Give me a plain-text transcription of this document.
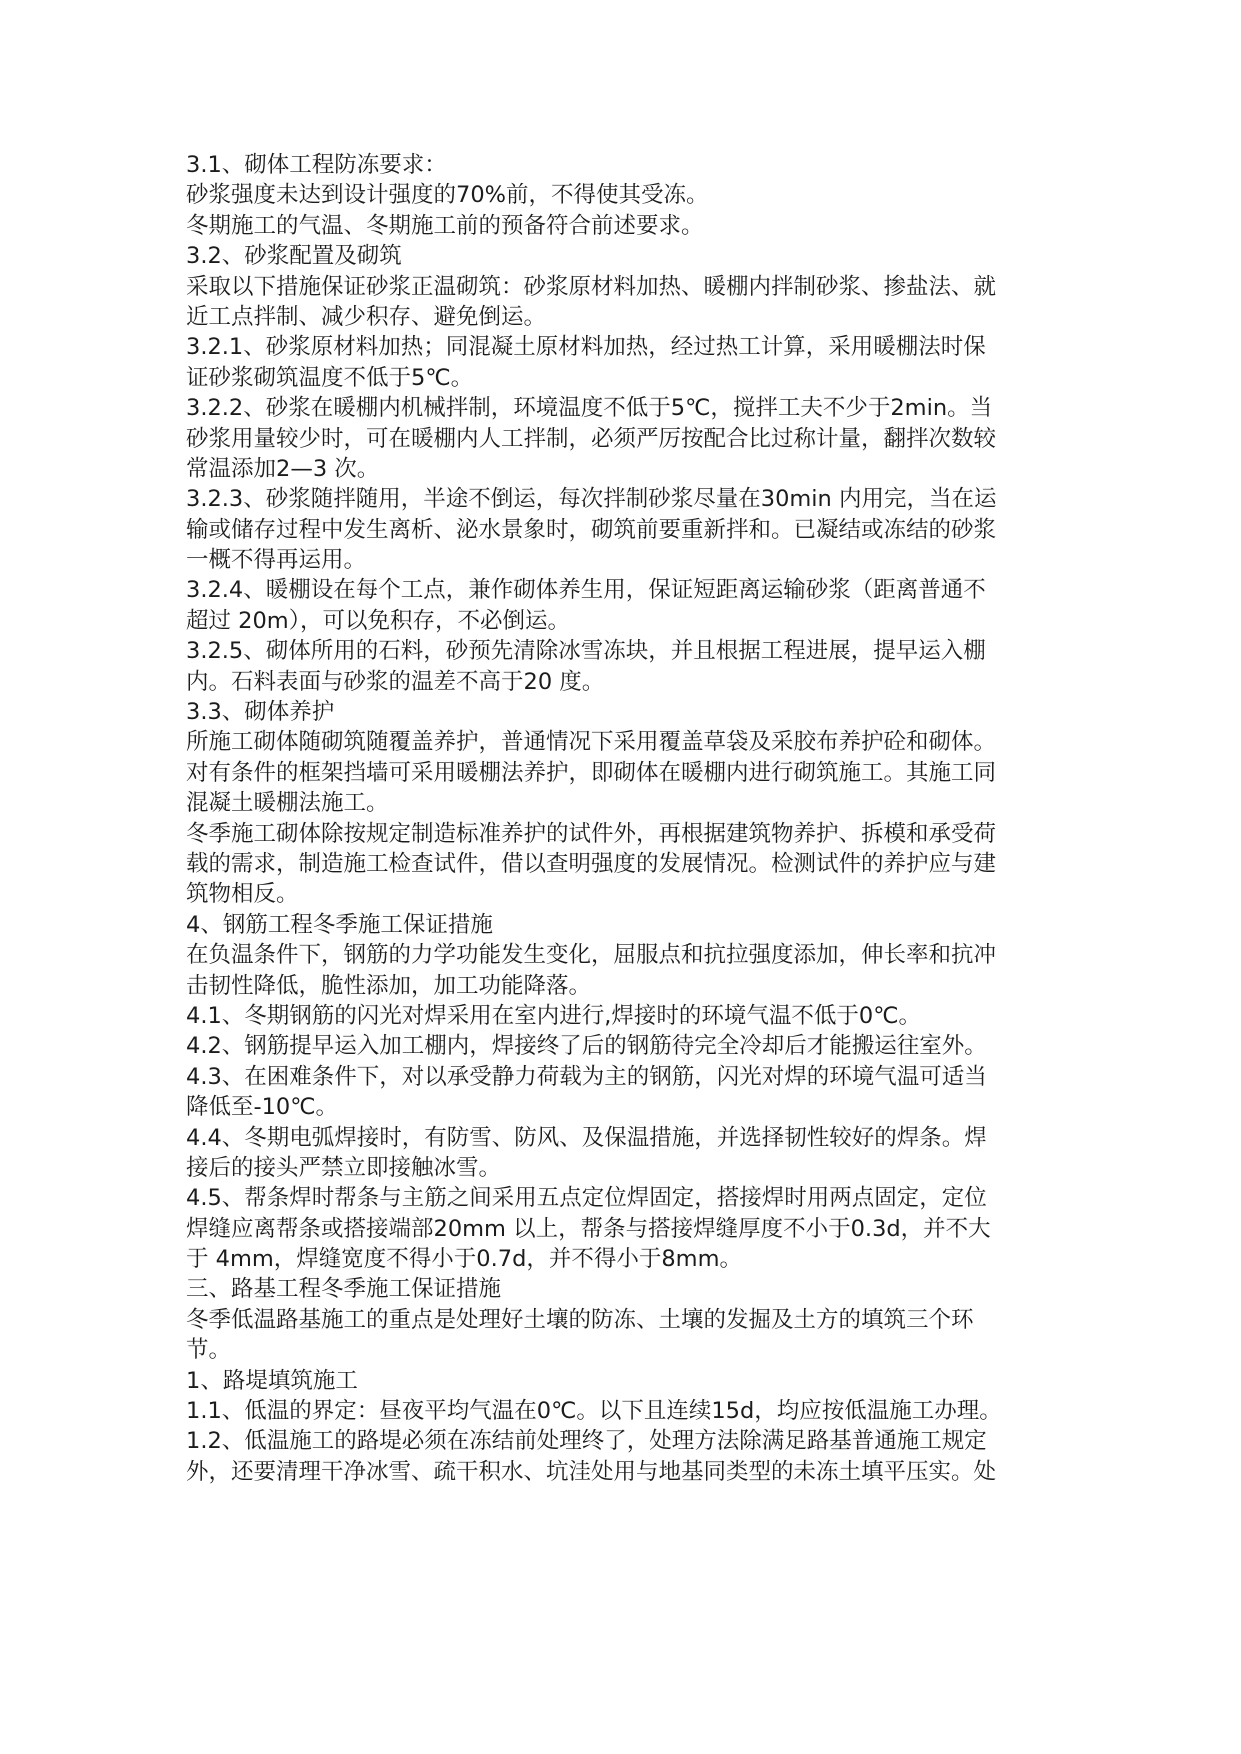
3.1、砌体工程防冻要求：
砂浆强度未达到设计强度的70%前，不得使其受冻。
冬期施工的气温、冬期施工前的预备符合前述要求。
3.2、砂浆配置及砌筑
采取以下措施保证砂浆正温砌筑：砂浆原材料加热、暖棚内拌制砂浆、掺盐法、就
近工点拌制、减少积存、避免倒运。
3.2.1、砂浆原材料加热；同混凝土原材料加热，经过热工计算，采用暖棚法时保
证砂浆砌筑温度不低于5℃。
3.2.2、砂浆在暖棚内机械拌制，环境温度不低于5℃，搅拌工夫不少于2min。当
砂浆用量较少时，可在暖棚内人工拌制，必须严厉按配合比过称计量，翻拌次数较
常温添加2—3 次。
3.2.3、砂浆随拌随用，半途不倒运，每次拌制砂浆尽量在30min 内用完，当在运
输或储存过程中发生离析、泌水景象时，砌筑前要重新拌和。已凝结或冻结的砂浆
一概不得再运用。
3.2.4、暖棚设在每个工点，兼作砌体养生用，保证短距离运输砂浆（距离普通不
超过 20m），可以免积存，不必倒运。
3.2.5、砌体所用的石料，砂预先清除冰雪冻块，并且根据工程进展，提早运入棚
内。石料表面与砂浆的温差不高于20 度。
3.3、砌体养护
所施工砌体随砌筑随覆盖养护，普通情况下采用覆盖草袋及采胶布养护砼和砌体。
对有条件的框架挡墙可采用暖棚法养护，即砌体在暖棚内进行砌筑施工。其施工同
混凝土暖棚法施工。
冬季施工砌体除按规定制造标准养护的试件外，再根据建筑物养护、拆模和承受荷
载的需求，制造施工检查试件，借以查明强度的发展情况。检测试件的养护应与建
筑物相反。
4、钢筋工程冬季施工保证措施
在负温条件下，钢筋的力学功能发生变化，屈服点和抗拉强度添加，伸长率和抗冲
击韧性降低，脆性添加，加工功能降落。
4.1、冬期钢筋的闪光对焊采用在室内进行,焊接时的环境气温不低于0℃。
4.2、钢筋提早运入加工棚内，焊接终了后的钢筋待完全冷却后才能搬运往室外。
4.3、在困难条件下，对以承受静力荷载为主的钢筋，闪光对焊的环境气温可适当
降低至-10℃。
4.4、冬期电弧焊接时，有防雪、防风、及保温措施，并选择韧性较好的焊条。焊
接后的接头严禁立即接触冰雪。
4.5、帮条焊时帮条与主筋之间采用五点定位焊固定，搭接焊时用两点固定，定位
焊缝应离帮条或搭接端部20mm 以上，帮条与搭接焊缝厚度不小于0.3d，并不大
于 4mm，焊缝宽度不得小于0.7d，并不得小于8mm。
三、路基工程冬季施工保证措施
冬季低温路基施工的重点是处理好土壤的防冻、土壤的发掘及土方的填筑三个环
节。
1、路堤填筑施工
1.1、低温的界定：昼夜平均气温在0℃。以下且连续15d，均应按低温施工办理。
1.2、低温施工的路堤必须在冻结前处理终了，处理方法除满足路基普通施工规定
外，还要清理干净冰雪、疏干积水、坑洼处用与地基同类型的未冻土填平压实。处
